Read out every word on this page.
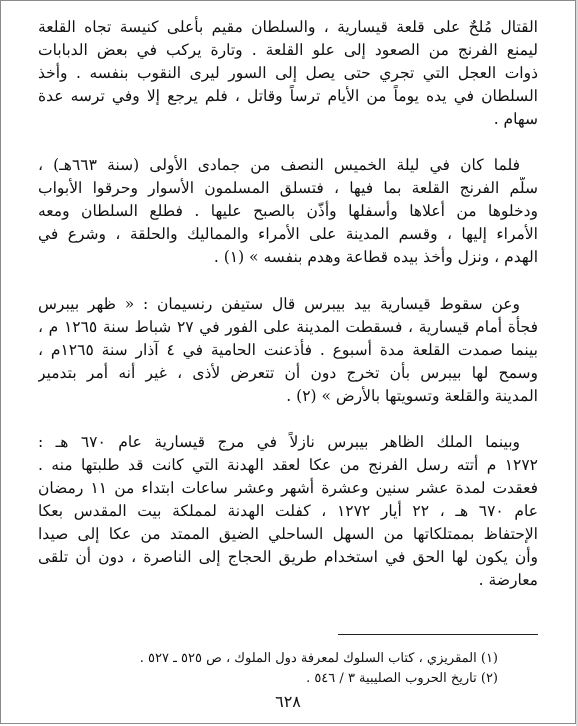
القتال مُلحٌ على قلعة قيسارية ، والسلطان مقيم بأعلى كنيسة تجاه القلعة
ليمنع الفرنج من الصعود إلى علو القلعة . وتارة يركب في بعض الدبابات
ذوات العجل التي تجري حتى يصل إلى السور ليرى النقوب بنفسه . وأخذ
السلطان في يده يوماً من الأيام ترساً وقاتل ، فلم يرجع إلا وفي ترسه عدة
سهام .
فلما كان في ليلة الخميس النصف من جمادى الأولى (سنة ٦٦٣هـ) ،
سلّم الفرنج القلعة بما فيها ، فتسلق المسلمون الأسوار وحرقوا الأبواب
ودخلوها من أعلاها وأسفلها وأُذّن بالصبح عليها . فطلع السلطان ومعه
الأمراء إليها ، وقسم المدينة على الأمراء والمماليك والحلقة ، وشرع في
الهدم ، ونزل وأخذ بيده قطاعة وهدم بنفسه » (١) .
وعن سقوط قيسارية بيد بيبرس قال ستيفن رنسيمان : « ظهر بيبرس
فجأة أمام قيسارية ، فسقطت المدينة على الفور في ٢٧ شباط سنة ١٢٦٥ م ،
بينما صمدت القلعة مدة أسبوع . فأذعنت الحامية في ٤ آذار سنة ١٢٦٥م ،
وسمح لها بيبرس بأن تخرج دون أن تتعرض لأذى ، غير أنه أمر بتدمير
المدينة والقلعة وتسويتها بالأرض » (٢) .
وبينما الملك الظاهر بيبرس نازلاً في مرج قيسارية عام ٦٧٠ هـ :
١٢٧٢ م أتته رسل الفرنج من عكا لعقد الهدنة التي كانت قد طلبتها منه .
فعقدت لمدة عشر سنين وعشرة أشهر وعشر ساعات ابتداء من ١١ رمضان
عام ٦٧٠ هـ ، ٢٢ أيار ١٢٧٢ ، كفلت الهدنة لمملكة بيت المقدس بعكا
الإحتفاظ بممتلكاتها من السهل الساحلي الضيق الممتد من عكا إلى صيدا
وأن يكون لها الحق في استخدام طريق الحجاج إلى الناصرة ، دون أن تلقى
معارضة .
(١) المقريزي ، كتاب السلوك لمعرفة دول الملوك ، ص ٥٢٥ ـ ٥٢٧ .
(٢) تاريخ الحروب الصليبية ٣ / ٥٤٦ .
٦٢٨
